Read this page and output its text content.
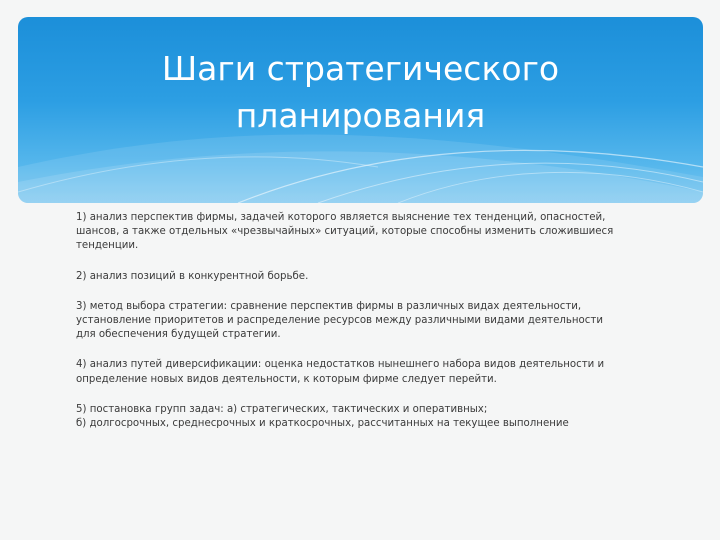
Шаги стратегического
планирования
1) анализ перспектив фирмы, задачей которого является выяснение тех тенденций, опасностей,
шансов, а также отдельных «чрезвычайных» ситуаций, которые способны изменить сложившиеся
тенденции.
2) анализ позиций в конкурентной борьбе.
3) метод выбора стратегии: сравнение перспектив фирмы в различных видах деятельности,
установление приоритетов и распределение ресурсов между различными видами деятельности
для обеспечения будущей стратегии.
4) анализ путей диверсификации: оценка недостатков нынешнего набора видов деятельности и
определение новых видов деятельности, к которым фирме следует перейти.
5) постановка групп задач: а) стратегических, тактических и оперативных;
б) долгосрочных, среднесрочных и краткосрочных, рассчитанных на текущее выполнение
